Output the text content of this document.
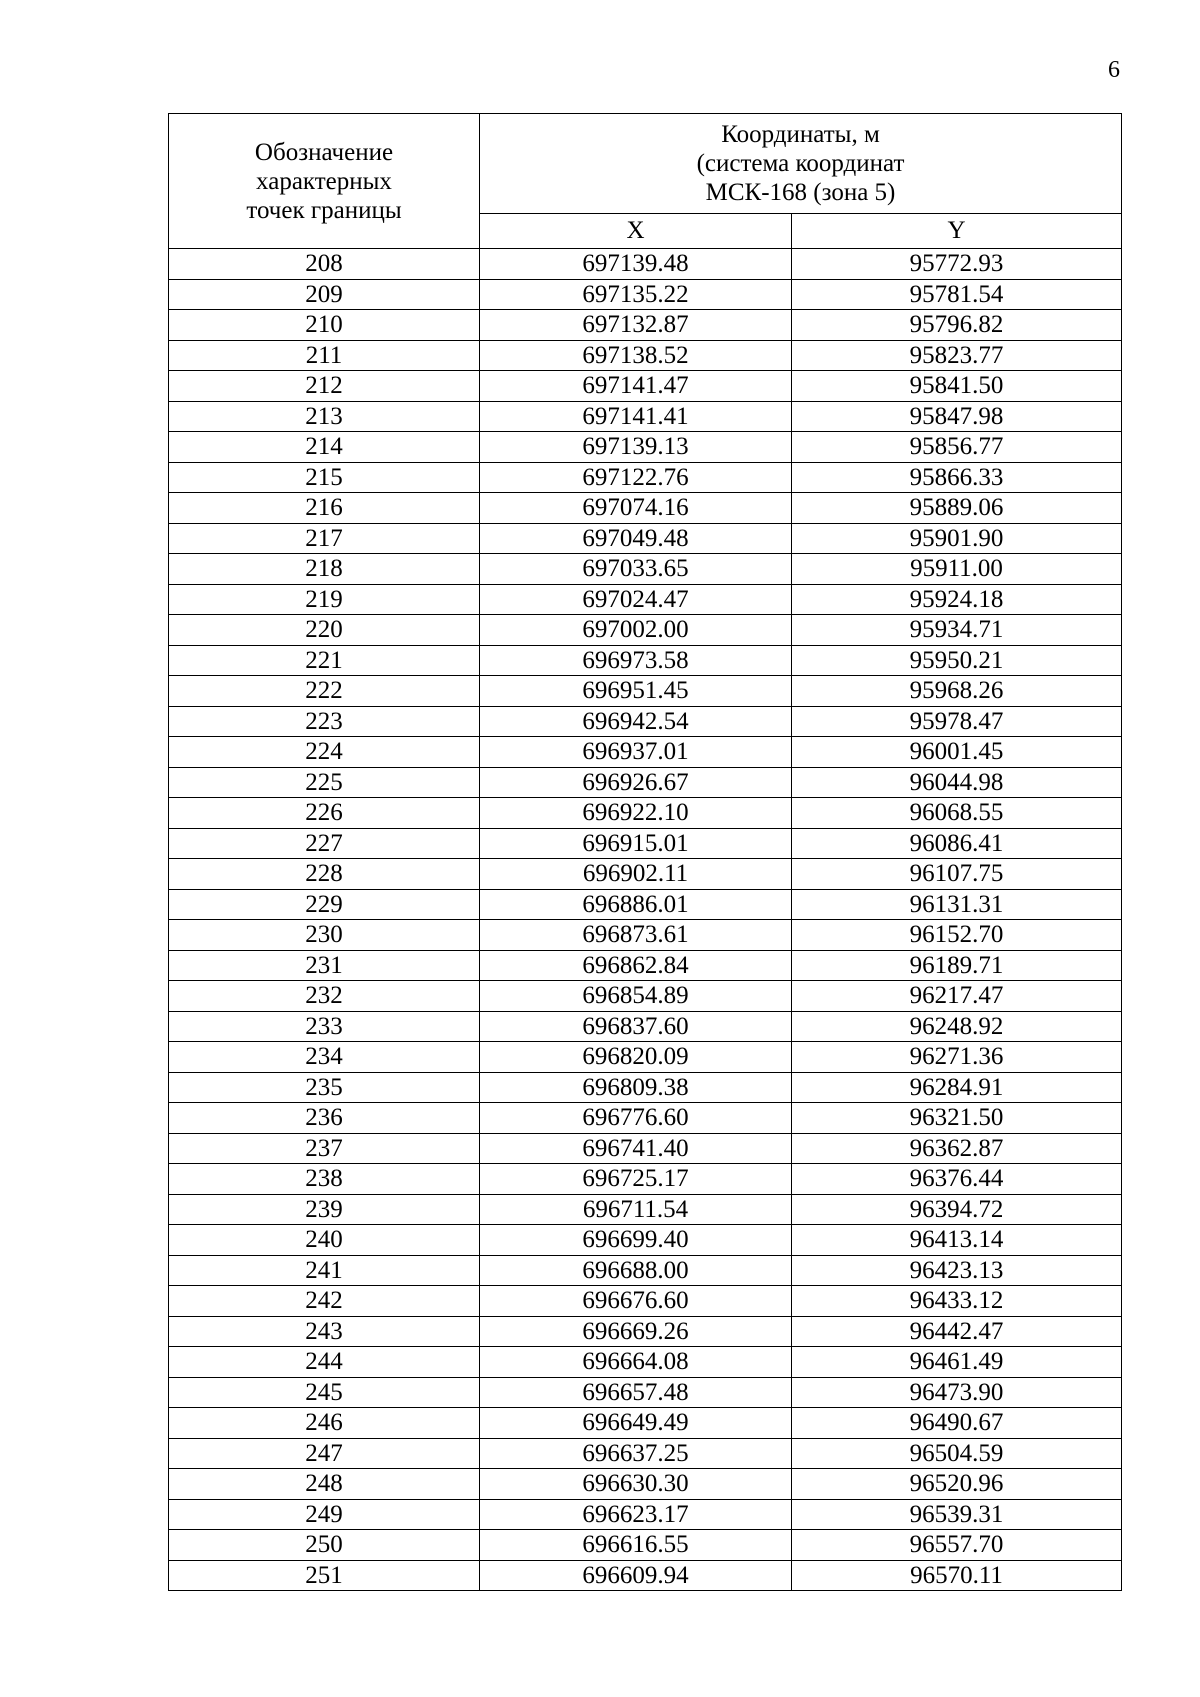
6
Обозначение
характерных
точек границы	Координаты, м
(система координат
МСК-168 (зона 5)	
	X	Y
208	697139.48	95772.93
209	697135.22	95781.54
210	697132.87	95796.82
211	697138.52	95823.77
212	697141.47	95841.50
213	697141.41	95847.98
214	697139.13	95856.77
215	697122.76	95866.33
216	697074.16	95889.06
217	697049.48	95901.90
218	697033.65	95911.00
219	697024.47	95924.18
220	697002.00	95934.71
221	696973.58	95950.21
222	696951.45	95968.26
223	696942.54	95978.47
224	696937.01	96001.45
225	696926.67	96044.98
226	696922.10	96068.55
227	696915.01	96086.41
228	696902.11	96107.75
229	696886.01	96131.31
230	696873.61	96152.70
231	696862.84	96189.71
232	696854.89	96217.47
233	696837.60	96248.92
234	696820.09	96271.36
235	696809.38	96284.91
236	696776.60	96321.50
237	696741.40	96362.87
238	696725.17	96376.44
239	696711.54	96394.72
240	696699.40	96413.14
241	696688.00	96423.13
242	696676.60	96433.12
243	696669.26	96442.47
244	696664.08	96461.49
245	696657.48	96473.90
246	696649.49	96490.67
247	696637.25	96504.59
248	696630.30	96520.96
249	696623.17	96539.31
250	696616.55	96557.70
251	696609.94	96570.11
